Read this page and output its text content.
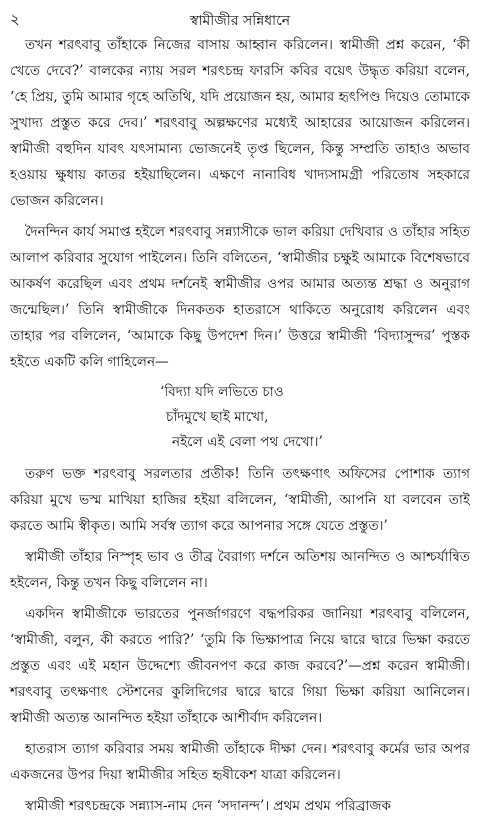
২	স্বামীজীর সন্নিধানে

তখন শরৎবাবু তাঁহাকে নিজের বাসায় আহ্বান করিলেন। স্বামীজী প্রশ্ন করেন, ‘কী খেতে দেবে?’ বালকের ন্যায় সরল শরৎচন্দ্র ফারসি কবির বয়েৎ উদ্ধৃত করিয়া বলেন, ‘হে প্রিয়, তুমি আমার গৃহে অতিথি, যদি প্রয়োজন হয়, আমার হৃৎপিণ্ড দিয়েও তোমাকে সুখাদ্য প্রস্তুত করে দেব।’ শরৎবাবু অল্পক্ষণের মধ্যেই আহারের আয়োজন করিলেন। স্বামীজী বহুদিন যাবৎ যৎসামান্য ভোজনেই তৃপ্ত ছিলেন, কিন্তু সম্প্রতি তাহাও অভাব হওয়ায় ক্ষুধায় কাতর হইয়াছিলেন। এক্ষণে নানাবিধ খাদ্যসামগ্রী পরিতোষ সহকারে ভোজন করিলেন।

দৈনন্দিন কার্য সমাপ্ত হইলে শরৎবাবু সন্ন্যাসীকে ভাল করিয়া দেখিবার ও তাঁহার সহিত আলাপ করিবার সুযোগ পাইলেন। তিনি বলিতেন, ‘স্বামীজীর চক্ষুই আমাকে বিশেষভাবে আকর্ষণ করেছিল এবং প্রথম দর্শনেই স্বামীজীর ওপর আমার অত্যন্ত শ্রদ্ধা ও অনুরাগ জন্মেছিল।’ তিনি স্বামীজীকে দিনকতক হাতরাসে থাকিতে অনুরোধ করিলেন এবং তাহার পর বলিলেন, ‘আমাকে কিছু উপদেশ দিন।’ উত্তরে স্বামীজী ‘বিদ্যাসুন্দর’ পুস্তক হইতে একটি কলি গাহিলেন—

‘বিদ্যা যদি লভিতে চাও
চাঁদমুখে ছাই মাখো,
নইলে এই বেলা পথ দেখো।’

তরুণ ভক্ত শরৎবাবু সরলতার প্রতীক! তিনি তৎক্ষণাৎ অফিসের পোশাক ত্যাগ করিয়া মুখে ভস্ম মাখিয়া হাজির হইয়া বলিলেন, ‘স্বামীজী, আপনি যা বলবেন তাই করতে আমি স্বীকৃত। আমি সর্বস্ব ত্যাগ করে আপনার সঙ্গে যেতে প্রস্তুত।’

স্বামীজী তাঁহার নিস্পৃহ ভাব ও তীব্র বৈরাগ্য দর্শনে অতিশয় আনন্দিত ও আশ্চর্যান্বিত হইলেন, কিন্তু তখন কিছু বলিলেন না।

একদিন স্বামীজীকে ভারতের পুনর্জাগরণে বদ্ধপরিকর জানিয়া শরৎবাবু বলিলেন, ‘স্বামীজী, বলুন, কী করতে পারি?’ ‘তুমি কি ভিক্ষাপাত্র নিয়ে দ্বারে দ্বারে ভিক্ষা করতে প্রস্তুত এবং এই মহান উদ্দেশ্যে জীবনপণ করে কাজ করবে?’—প্রশ্ন করেন স্বামীজী। শরৎবাবু তৎক্ষণাৎ স্টেশনের কুলিদিগের দ্বারে দ্বারে গিয়া ভিক্ষা করিয়া আনিলেন। স্বামীজী অত্যন্ত আনন্দিত হইয়া তাঁহাকে আশীর্বাদ করিলেন।

হাতরাস ত্যাগ করিবার সময় স্বামীজী তাঁহাকে দীক্ষা দেন। শরৎবাবু কর্মের ভার অপর একজনের উপর দিয়া স্বামীজীর সহিত হৃষীকেশ যাত্রা করিলেন।

স্বামীজী শরৎচন্দ্রকে সন্ন্যাস-নাম দেন ‘সদানন্দ’। প্রথম প্রথম পরিব্রাজক
